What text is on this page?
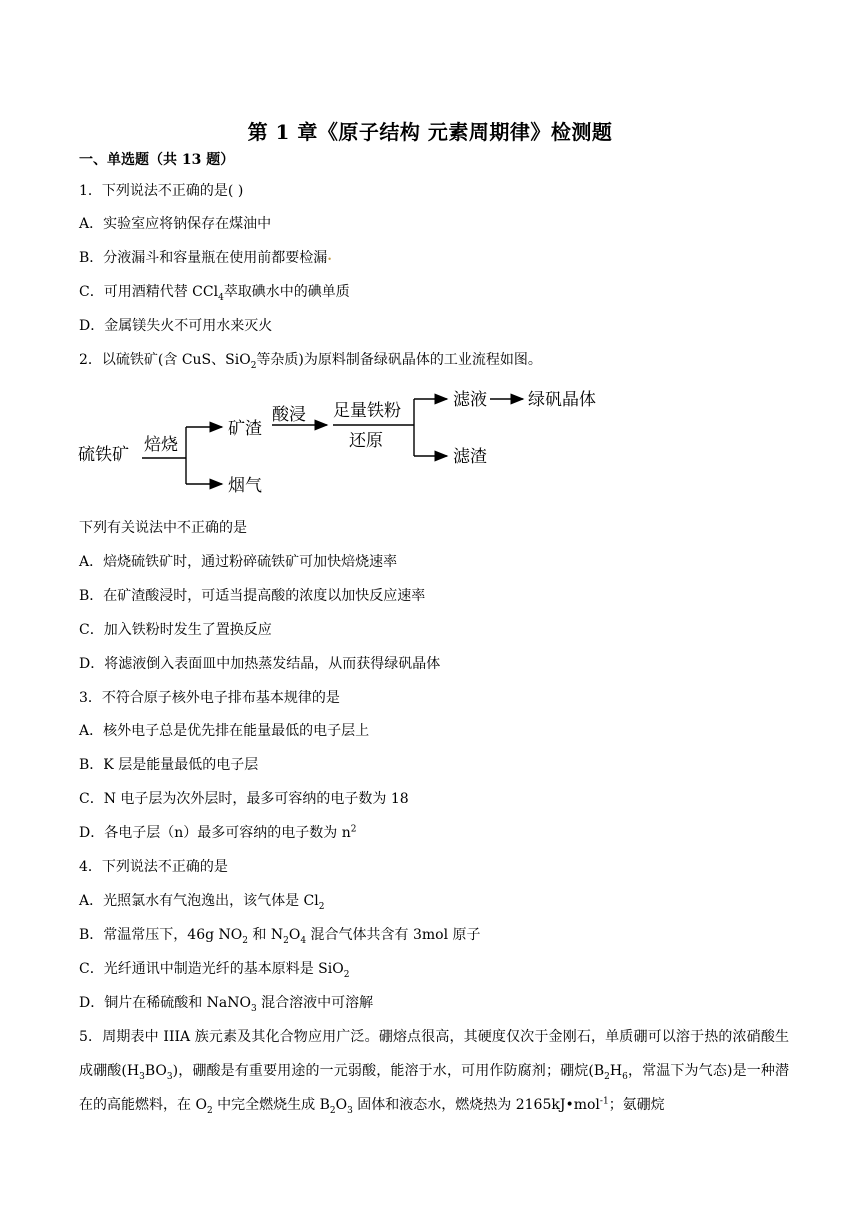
第 1 章《原子结构 元素周期律》检测题
一、单选题（共 13 题）
1．下列说法不正确的是( )
A．实验室应将钠保存在煤油中
B．分液漏斗和容量瓶在使用前都要检漏•
C．可用酒精代替 CCl$_4$萃取碘水中的碘单质
D．金属镁失火不可用水来灭火
2．以硫铁矿(含 CuS、SiO$_2$等杂质)为原料制备绿矾晶体的工业流程如图。
硫铁矿 焙烧
矿渣
烟气
酸浸 足量铁粉
还原
滤液 绿矾晶体
滤渣
下列有关说法中不正确的是
A．焙烧硫铁矿时，通过粉碎硫铁矿可加快焙烧速率
B．在矿渣酸浸时，可适当提高酸的浓度以加快反应速率
C．加入铁粉时发生了置换反应
D．将滤液倒入表面皿中加热蒸发结晶，从而获得绿矾晶体
3．不符合原子核外电子排布基本规律的是
A．核外电子总是优先排在能量最低的电子层上
B．K 层是能量最低的电子层
C．N 电子层为次外层时，最多可容纳的电子数为 18
D．各电子层（n）最多可容纳的电子数为 $n^2$
4．下列说法不正确的是
A．光照氯水有气泡逸出，该气体是 $Cl_2$
B．常温常压下，46g $NO_2$ 和 $N_2O_4$ 混合气体共含有 3mol 原子
C．光纤通讯中制造光纤的基本原料是 SiO$_2$
D．铜片在稀硫酸和 NaNO$_3$ 混合溶液中可溶解
5．周期表中 IIIA 族元素及其化合物应用广泛。硼熔点很高，其硬度仅次于金刚石，单质硼可以溶于热的浓硝酸生成硼酸$(H_3BO_3)$，硼酸是有重要用途的一元弱酸，能溶于水，可用作防腐剂；硼烷($B_2H_6$，常温下为气态)是一种潜在的高能燃料，在 $O_2$ 中完全燃烧生成 $B_2O_3$ 固体和液态水，燃烧热为 2165kJ•mol$^{-1}$；氨硼烷
